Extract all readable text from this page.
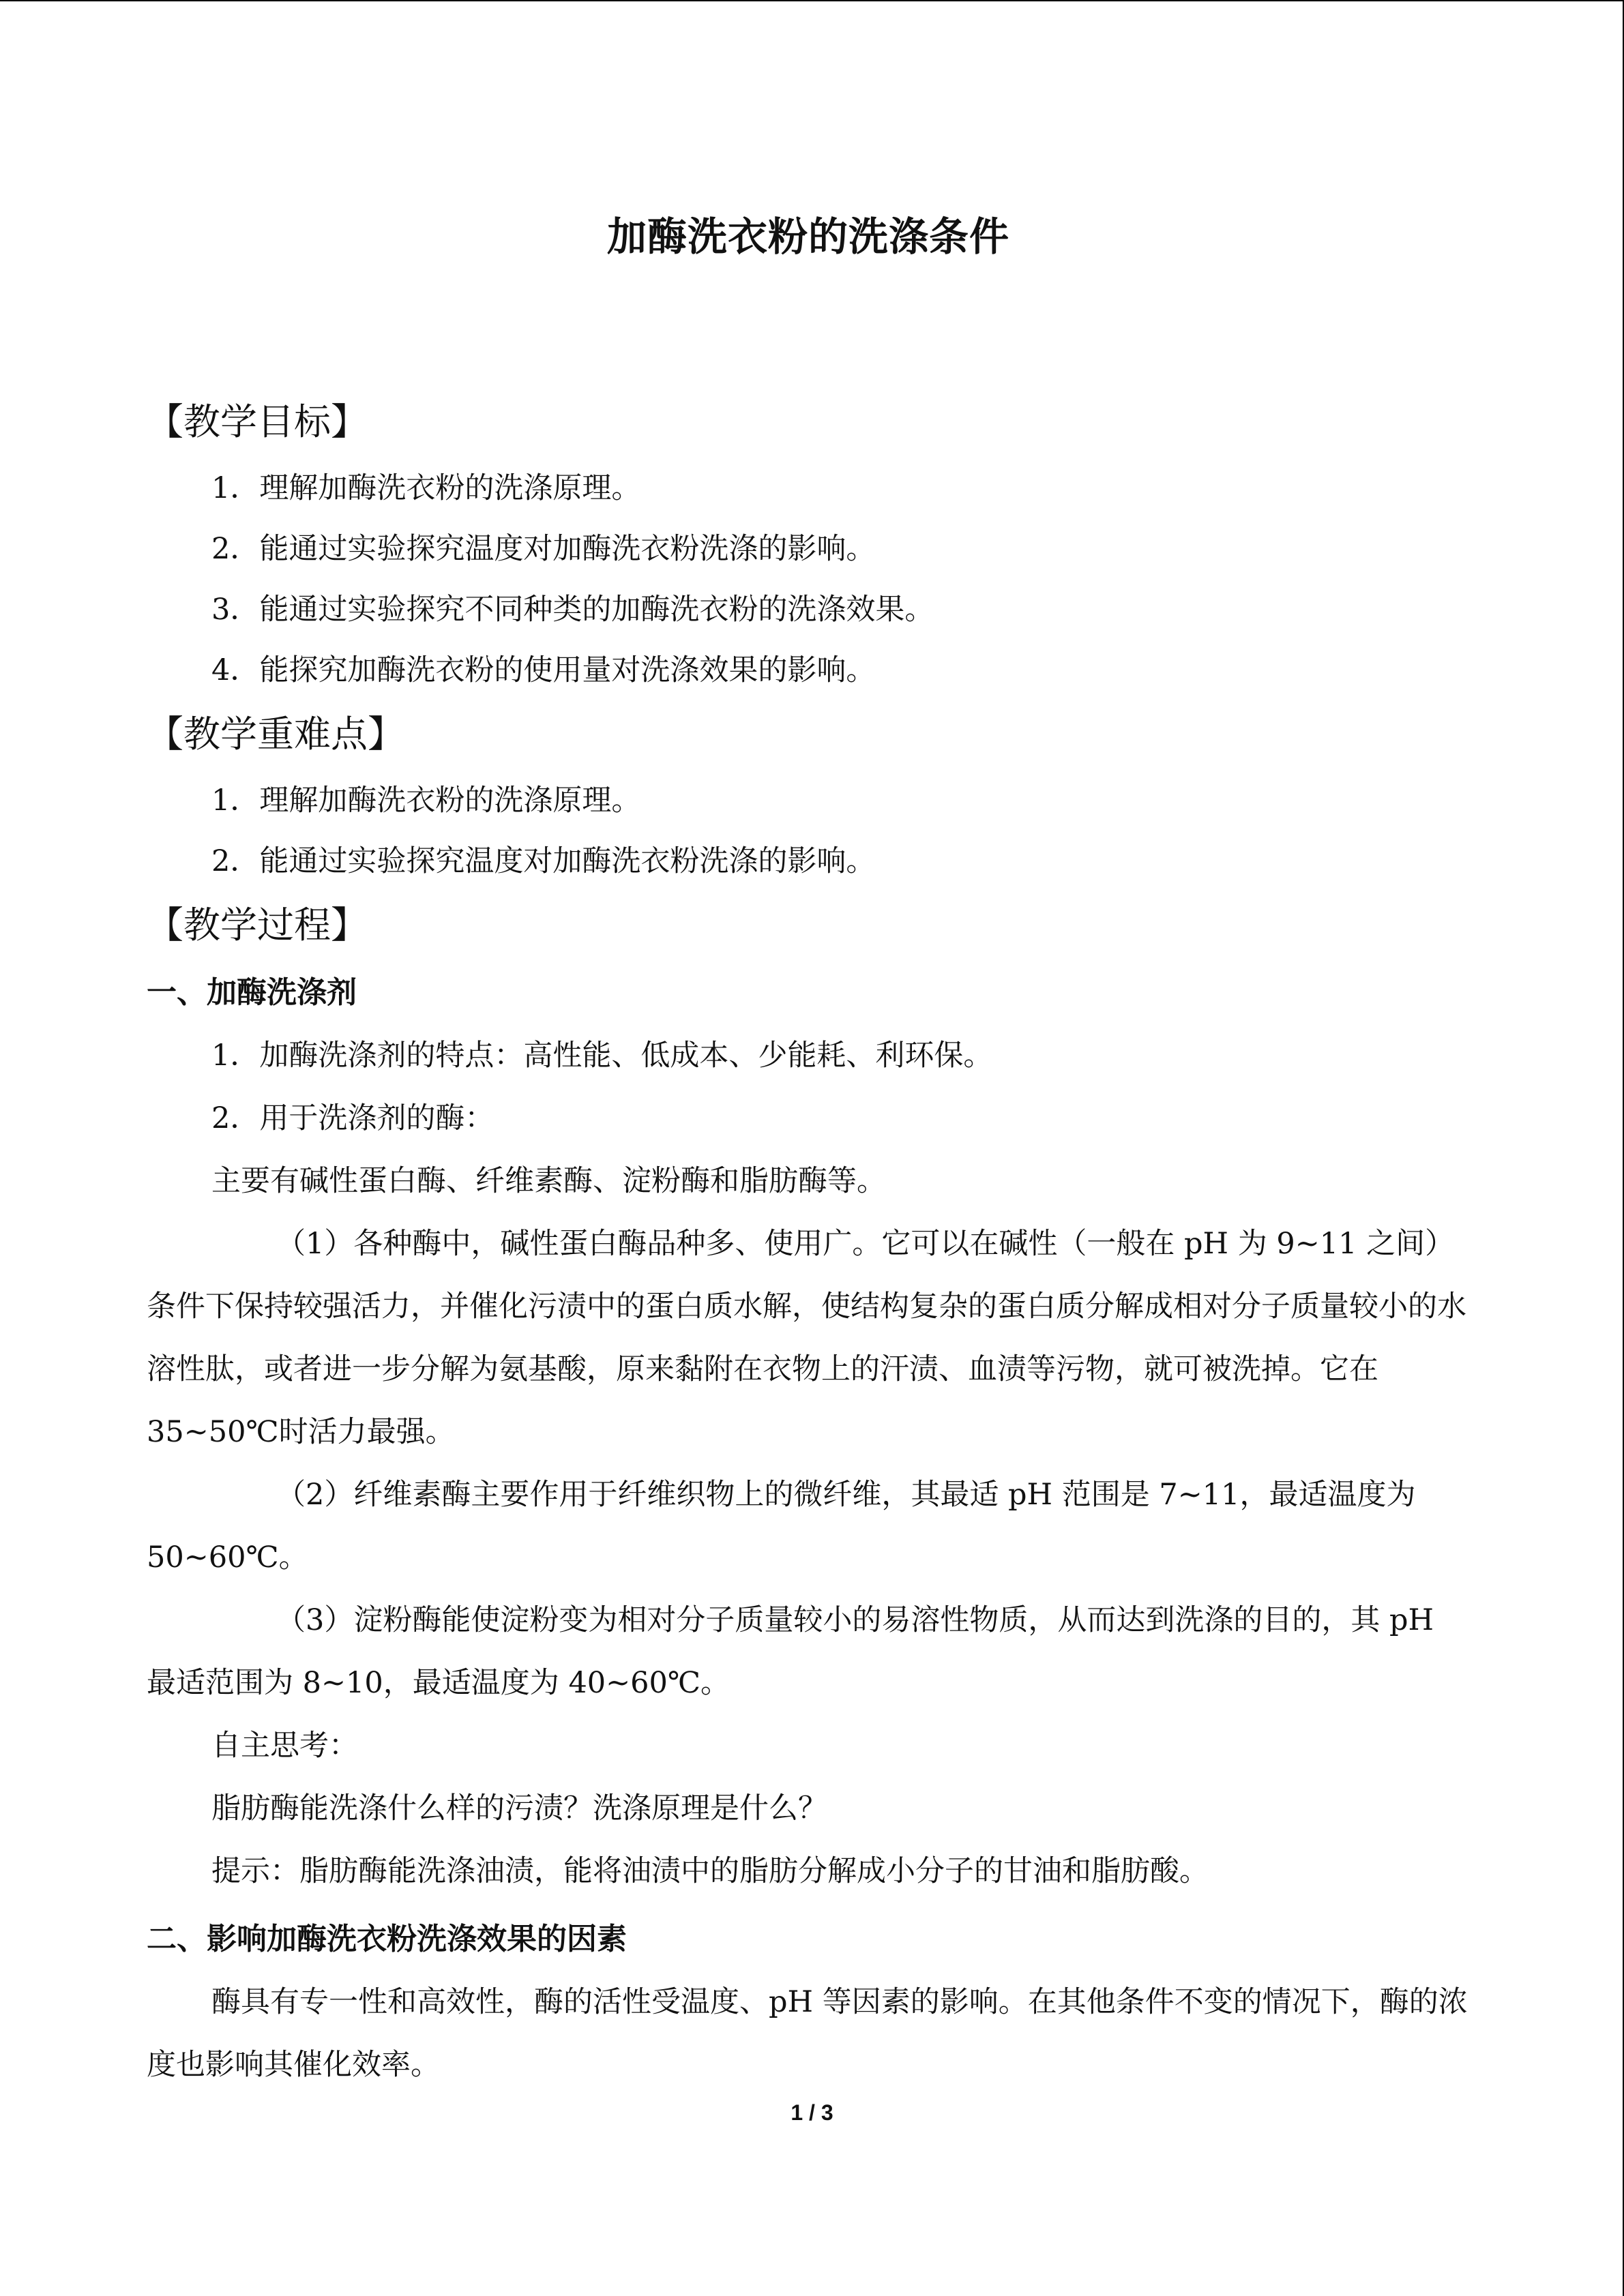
加酶洗衣粉的洗涤条件
【教学目标】
1．理解加酶洗衣粉的洗涤原理。
2．能通过实验探究温度对加酶洗衣粉洗涤的影响。
3．能通过实验探究不同种类的加酶洗衣粉的洗涤效果。
4．能探究加酶洗衣粉的使用量对洗涤效果的影响。
【教学重难点】
1．理解加酶洗衣粉的洗涤原理。
2．能通过实验探究温度对加酶洗衣粉洗涤的影响。
【教学过程】
一、加酶洗涤剂

1．加酶洗涤剂的特点：高性能、低成本、少能耗、利环保。

2．用于洗涤剂的酶：

主要有碱性蛋白酶、纤维素酶、淀粉酶和脂肪酶等。

（1）各种酶中，碱性蛋白酶品种多、使用广。它可以在碱性（一般在 pH 为 9~11 之间）条件下保持较强活力，并催化污渍中的蛋白质水解，使结构复杂的蛋白质分解成相对分子质量较小的水溶性肽，或者进一步分解为氨基酸，原来黏附在衣物上的汗渍、血渍等污物，就可被洗掉。它在 35~50℃时活力最强。

（2）纤维素酶主要作用于纤维织物上的微纤维，其最适 pH 范围是 7~11，最适温度为 50~60℃。

（3）淀粉酶能使淀粉变为相对分子质量较小的易溶性物质，从而达到洗涤的目的，其 pH 最适范围为 8~10，最适温度为 40~60℃。

自主思考：

脂肪酶能洗涤什么样的污渍？洗涤原理是什么？

提示：脂肪酶能洗涤油渍，能将油渍中的脂肪分解成小分子的甘油和脂肪酸。

二、影响加酶洗衣粉洗涤效果的因素

酶具有专一性和高效性，酶的活性受温度、pH 等因素的影响。在其他条件不变的情况下，酶的浓度也影响其催化效率。

1 / 3
